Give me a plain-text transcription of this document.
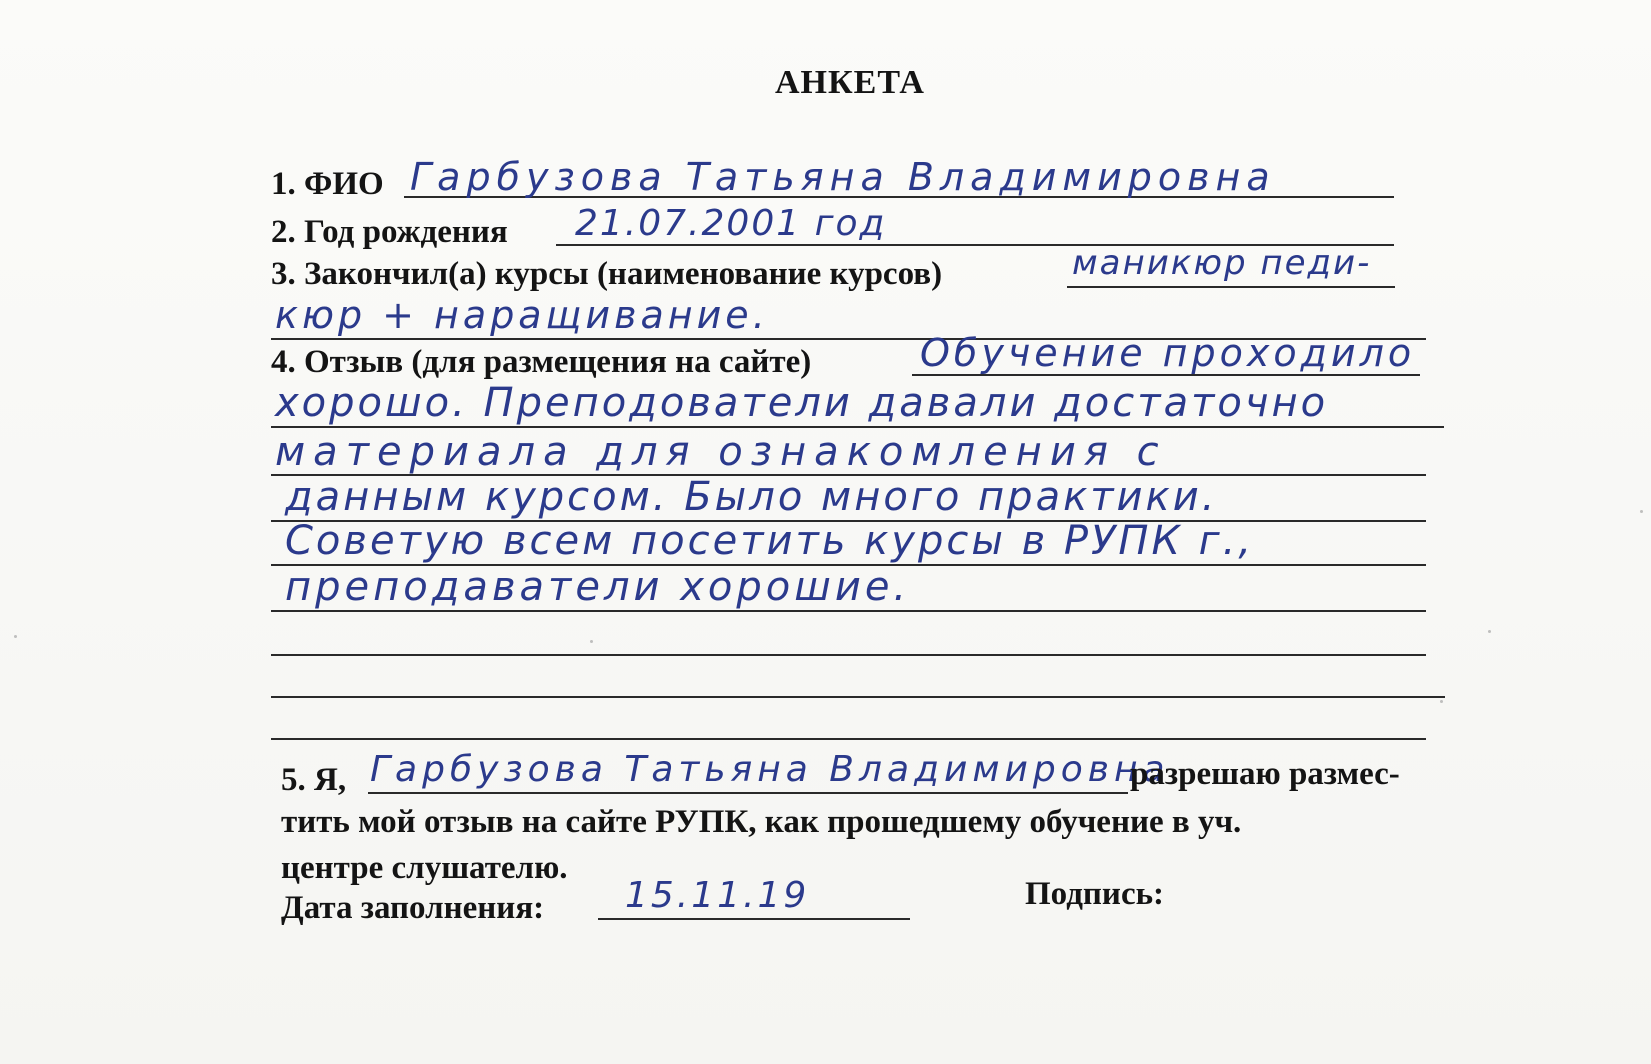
АНКЕТА
1. ФИО Гарбузова Татьяна Владимировна
2. Год рождения 21.07.2001 год
3. Закончил(а) курсы (наименование курсов)	маникюр педи-
кюр + наращивание.
4. Отзыв (для размещения на сайте)	Обучение проходило
хорошо. Преподователи давали достаточно
материала для ознакомления с
данным курсом. Было много практики.
Советую всем посетить курсы в РУПК г.,
преподаватели хорошие.
5. Я, Гарбузова Татьяна Владимировна
разрешаю размес-
тить мой отзыв на сайте РУПК, как прошедшему обучение в уч.
центре слушателю.
Дата заполнения: 15.11.19	Подпись:
